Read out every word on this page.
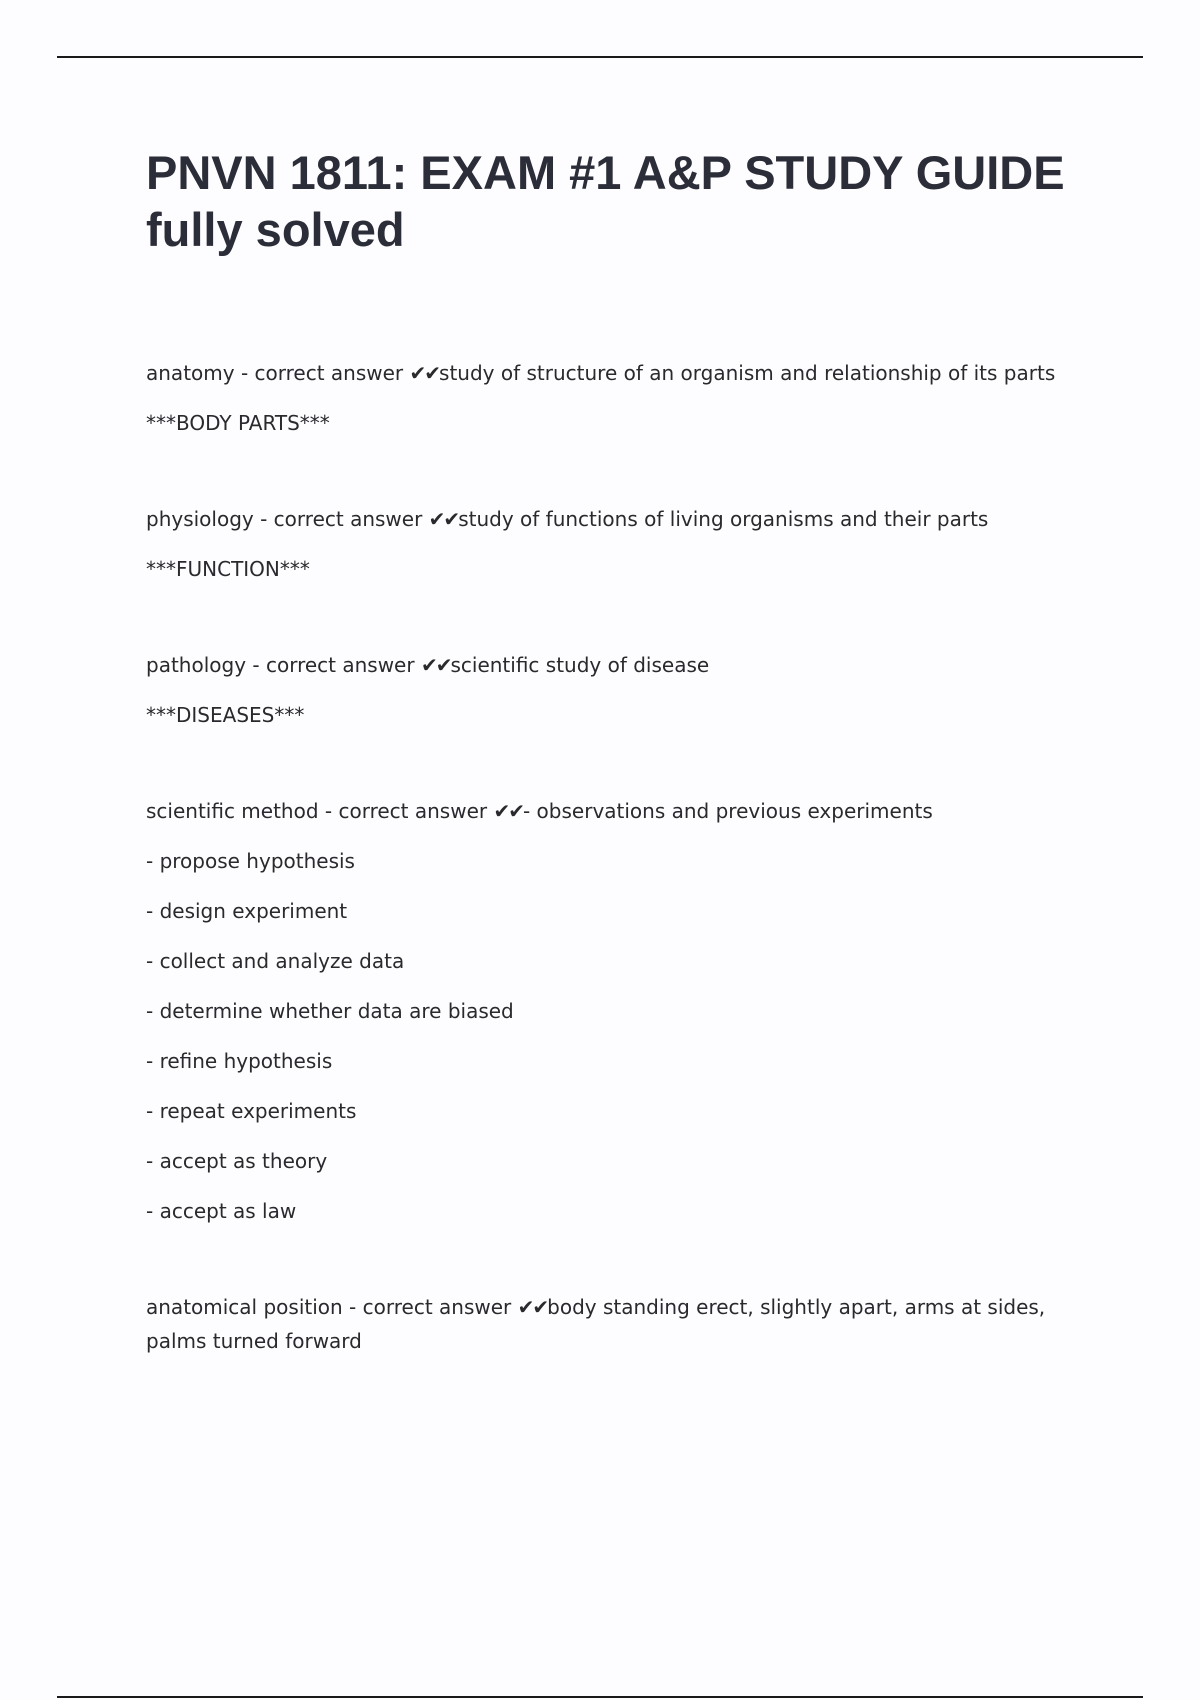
PNVN 1811: EXAM #1 A&P STUDY GUIDE fully solved
anatomy - correct answer ✔✔study of structure of an organism and relationship of its parts
***BODY PARTS***
physiology - correct answer ✔✔study of functions of living organisms and their parts
***FUNCTION***
pathology - correct answer ✔✔scientific study of disease
***DISEASES***
scientific method - correct answer ✔✔- observations and previous experiments
- propose hypothesis
- design experiment
- collect and analyze data
- determine whether data are biased
- refine hypothesis
- repeat experiments
- accept as theory
- accept as law
anatomical position - correct answer ✔✔body standing erect, slightly apart, arms at sides, palms turned forward
